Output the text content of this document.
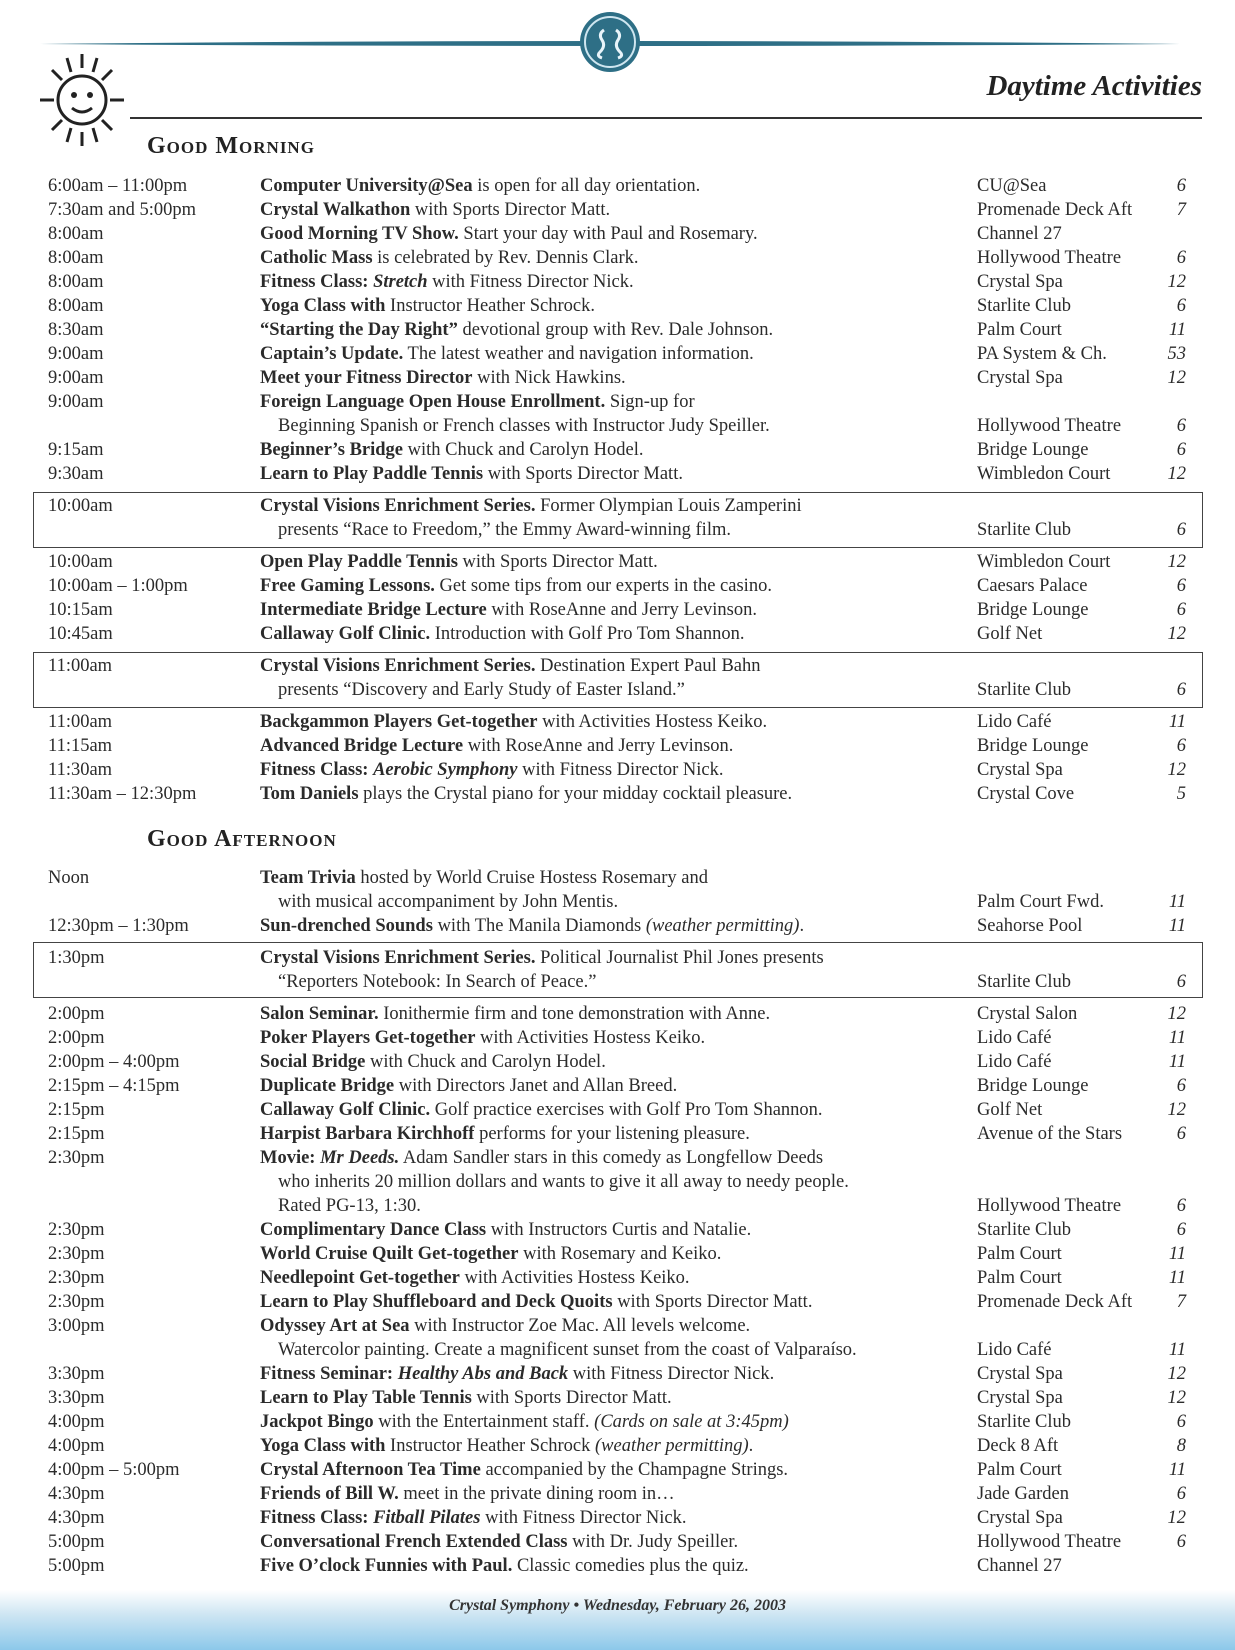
Daytime Activities
Good Morning
Good Afternoon
6:00am – 11:00pm	Computer University@Sea is open for all day orientation.	CU@Sea	6
7:30am and 5:00pm	Crystal Walkathon with Sports Director Matt.	Promenade Deck Aft 7
8:00am	Good Morning TV Show. Start your day with Paul and Rosemary.	Channel 27
8:00am	Catholic Mass is celebrated by Rev. Dennis Clark.	Hollywood Theatre	6
8:00am	Fitness Class: Stretch with Fitness Director Nick.	Crystal Spa	12
8:00am	Yoga Class with Instructor Heather Schrock.	Starlite Club	6
8:30am	“Starting the Day Right” devotional group with Rev. Dale Johnson.	Palm Court	11
9:00am	Captain’s Update. The latest weather and navigation information.	PA System & Ch.	53
9:00am	Meet your Fitness Director with Nick Hawkins.	Crystal Spa	12
9:00am	Foreign Language Open House Enrollment. Sign-up for
Beginning Spanish or French classes with Instructor Judy Speiller.	Hollywood Theatre	6
9:15am	Beginner’s Bridge with Chuck and Carolyn Hodel.	Bridge Lounge	6
9:30am	Learn to Play Paddle Tennis with Sports Director Matt.	Wimbledon Court	12
10:00am	Crystal Visions Enrichment Series. Former Olympian Louis Zamperini
presents “Race to Freedom,” the Emmy Award-winning film.	Starlite Club	6
10:00am	Open Play Paddle Tennis with Sports Director Matt.	Wimbledon Court	12
10:00am – 1:00pm	Free Gaming Lessons. Get some tips from our experts in the casino.	Caesars Palace	6
10:15am	Intermediate Bridge Lecture with RoseAnne and Jerry Levinson.	Bridge Lounge	6
10:45am	Callaway Golf Clinic. Introduction with Golf Pro Tom Shannon.	Golf Net	12
11:00am	Crystal Visions Enrichment Series. Destination Expert Paul Bahn
presents “Discovery and Early Study of Easter Island.”	Starlite Club	6
11:00am	Backgammon Players Get-together with Activities Hostess Keiko.	Lido Café	11
11:15am	Advanced Bridge Lecture with RoseAnne and Jerry Levinson.	Bridge Lounge	6
11:30am	Fitness Class: Aerobic Symphony with Fitness Director Nick.	Crystal Spa	12
11:30am – 12:30pm	Tom Daniels plays the Crystal piano for your midday cocktail pleasure.	Crystal Cove	5
Noon	Team Trivia hosted by World Cruise Hostess Rosemary and
with musical accompaniment by John Mentis.	Palm Court Fwd.	11
12:30pm – 1:30pm	Sun-drenched Sounds with The Manila Diamonds (weather permitting).	Seahorse Pool	11
1:30pm	Crystal Visions Enrichment Series. Political Journalist Phil Jones presents
“Reporters Notebook: In Search of Peace.”	Starlite Club	6
2:00pm	Salon Seminar. Ionithermie firm and tone demonstration with Anne.	Crystal Salon	12
2:00pm	Poker Players Get-together with Activities Hostess Keiko.	Lido Café	11
2:00pm – 4:00pm	Social Bridge with Chuck and Carolyn Hodel.	Lido Café	11
2:15pm – 4:15pm	Duplicate Bridge with Directors Janet and Allan Breed.	Bridge Lounge	6
2:15pm	Callaway Golf Clinic. Golf practice exercises with Golf Pro Tom Shannon.	Golf Net	12
2:15pm	Harpist Barbara Kirchhoff performs for your listening pleasure.	Avenue of the Stars	6
2:30pm	Movie: Mr Deeds. Adam Sandler stars in this comedy as Longfellow Deeds
who inherits 20 million dollars and wants to give it all away to needy people.
Rated PG-13, 1:30.	Hollywood Theatre	6
2:30pm	Complimentary Dance Class with Instructors Curtis and Natalie.	Starlite Club	6
2:30pm	World Cruise Quilt Get-together with Rosemary and Keiko.	Palm Court	11
2:30pm	Needlepoint Get-together with Activities Hostess Keiko.	Palm Court	11
2:30pm	Learn to Play Shuffleboard and Deck Quoits with Sports Director Matt.	Promenade Deck Aft 7
3:00pm	Odyssey Art at Sea with Instructor Zoe Mac. All levels welcome.
Watercolor painting. Create a magnificent sunset from the coast of Valparaíso.	Lido Café	11
3:30pm	Fitness Seminar: Healthy Abs and Back with Fitness Director Nick.	Crystal Spa	12
3:30pm	Learn to Play Table Tennis with Sports Director Matt.	Crystal Spa	12
4:00pm	Jackpot Bingo with the Entertainment staff. (Cards on sale at 3:45pm)	Starlite Club	6
4:00pm	Yoga Class with Instructor Heather Schrock (weather permitting).	Deck 8 Aft	8
4:00pm – 5:00pm	Crystal Afternoon Tea Time accompanied by the Champagne Strings.	Palm Court	11
4:30pm	Friends of Bill W. meet in the private dining room in…	Jade Garden	6
4:30pm	Fitness Class: Fitball Pilates with Fitness Director Nick.	Crystal Spa	12
5:00pm	Conversational French Extended Class with Dr. Judy Speiller.	Hollywood Theatre	6
5:00pm	Five O’clock Funnies with Paul. Classic comedies plus the quiz.	Channel 27
Crystal Symphony • Wednesday, February 26, 2003
